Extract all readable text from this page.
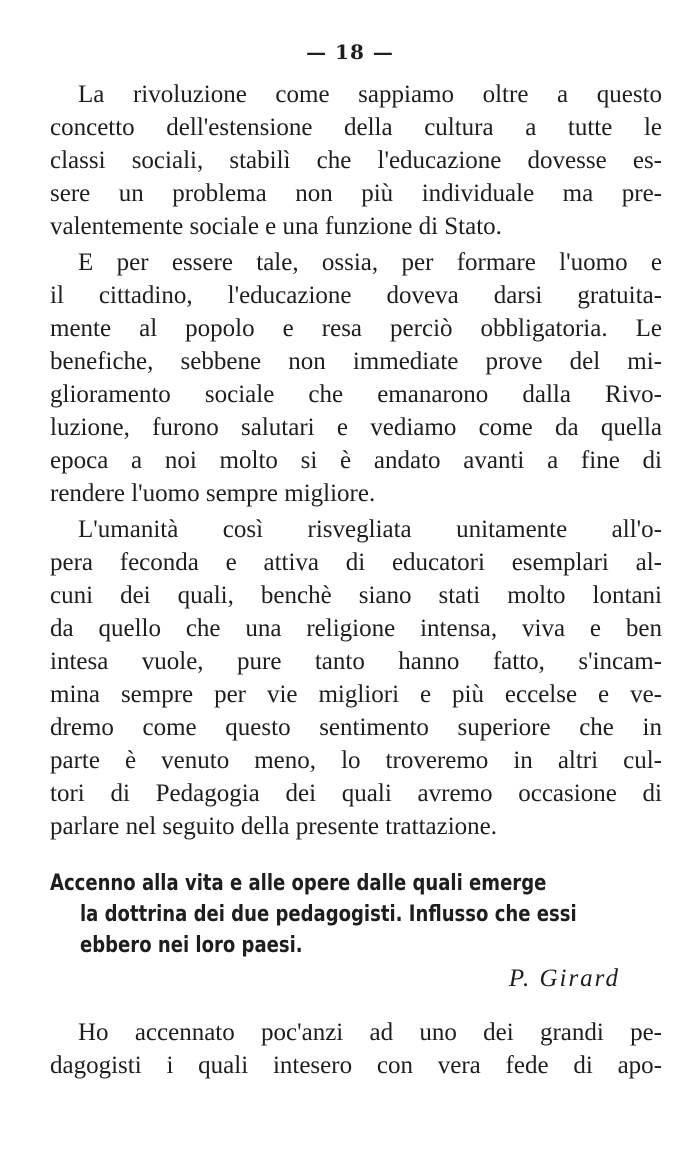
— 18 —
La rivoluzione come sappiamo oltre a questo
concetto dell'estensione della cultura a tutte le
classi sociali, stabilì che l'educazione dovesse es-
sere un problema non più individuale ma pre-
valentemente sociale e una funzione di Stato.
E per essere tale, ossia, per formare l'uomo e
il cittadino, l'educazione doveva darsi gratuita-
mente al popolo e resa perciò obbligatoria. Le
benefiche, sebbene non immediate prove del mi-
glioramento sociale che emanarono dalla Rivo-
luzione, furono salutari e vediamo come da quella
epoca a noi molto si è andato avanti a fine di
rendere l'uomo sempre migliore.
L'umanità così risvegliata unitamente all'o-
pera feconda e attiva di educatori esemplari al-
cuni dei quali, benchè siano stati molto lontani
da quello che una religione intensa, viva e ben
intesa vuole, pure tanto hanno fatto, s'incam-
mina sempre per vie migliori e più eccelse e ve-
dremo come questo sentimento superiore che in
parte è venuto meno, lo troveremo in altri cul-
tori di Pedagogia dei quali avremo occasione di
parlare nel seguito della presente trattazione.
Accenno alla vita e alle opere dalle quali emerge
la dottrina dei due pedagogisti. Influsso che essi
ebbero nei loro paesi.
P. Girard
Ho accennato poc'anzi ad uno dei grandi pe-
dagogisti i quali intesero con vera fede di apo-
